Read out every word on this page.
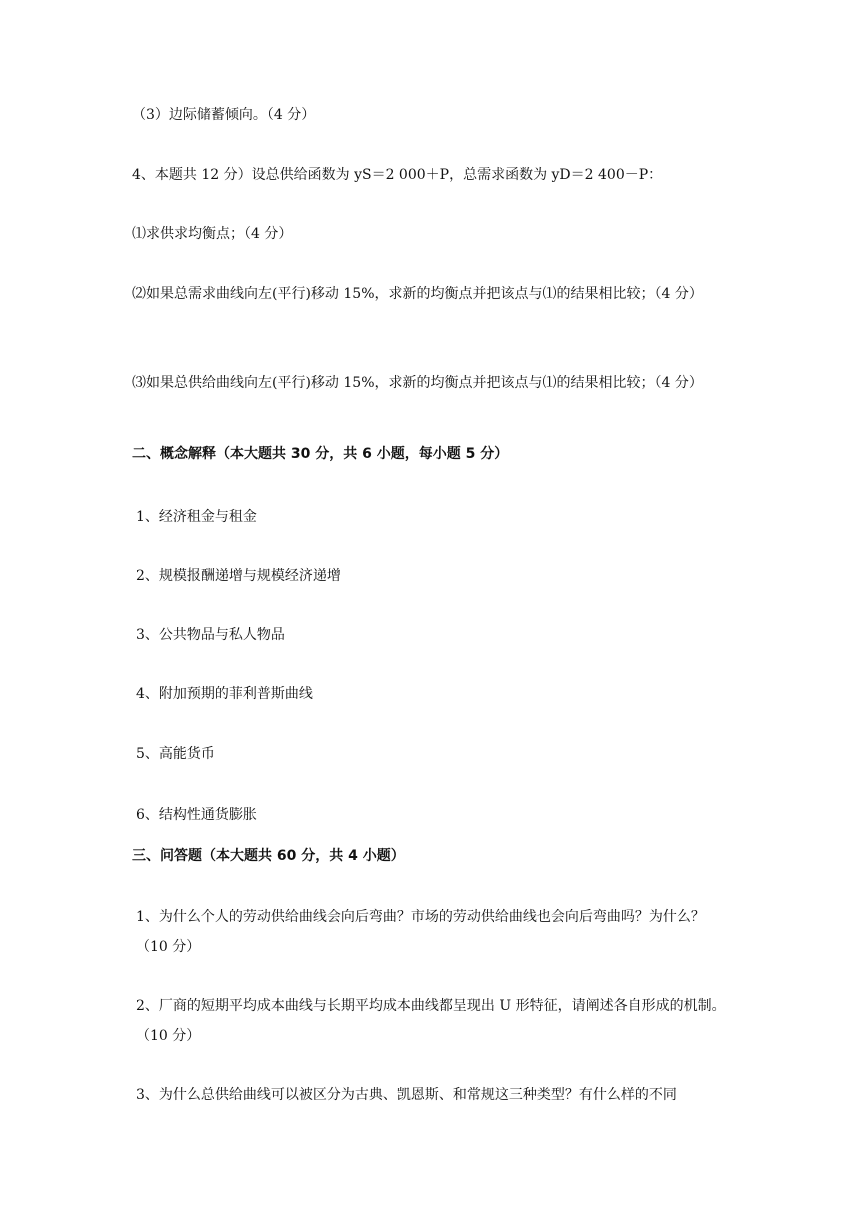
（3）边际储蓄倾向。（4 分）
4、本题共 12 分）设总供给函数为 yS＝2 000＋P，总需求函数为 yD＝2 400－P：
⑴求供求均衡点；（4 分）
⑵如果总需求曲线向左(平行)移动 15%，求新的均衡点并把该点与⑴的结果相比较；（4 分）
⑶如果总供给曲线向左(平行)移动 15%，求新的均衡点并把该点与⑴的结果相比较；（4 分）
二、概念解释（本大题共 30 分，共 6 小题，每小题 5 分）
1、经济租金与租金
2、规模报酬递增与规模经济递增
3、公共物品与私人物品
4、附加预期的菲利普斯曲线
5、高能货币
6、结构性通货膨胀
三、问答题（本大题共 60 分，共 4 小题）
1、为什么个人的劳动供给曲线会向后弯曲？市场的劳动供给曲线也会向后弯曲吗？为什么？（10 分）
2、厂商的短期平均成本曲线与长期平均成本曲线都呈现出 U 形特征，请阐述各自形成的机制。（10 分）
3、为什么总供给曲线可以被区分为古典、凯恩斯、和常规这三种类型？有什么样的不同
